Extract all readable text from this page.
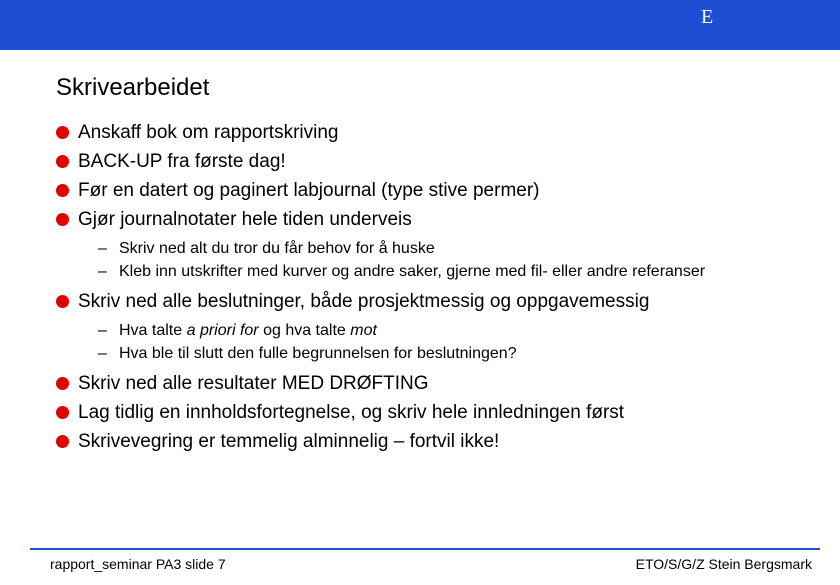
E
Skrivearbeidet
Anskaff bok om rapportskriving
BACK-UP fra første dag!
Før en datert og paginert labjournal (type stive permer)
Gjør journalnotater hele tiden underveis
– Skriv ned alt du tror du får behov for å huske
– Kleb inn utskrifter med kurver og andre saker, gjerne med fil- eller andre referanser
Skriv ned alle beslutninger, både prosjektmessig og oppgavemessig
– Hva talte a priori for og hva talte mot
– Hva ble til slutt den fulle begrunnelsen for beslutningen?
Skriv ned alle resultater MED DRØFTING
Lag tidlig en innholdsfortegnelse, og skriv hele innledningen først
Skrivevegring er temmelig alminnelig – fortvil ikke!
rapport_seminar PA3 slide 7	ETO/S/G/Z Stein Bergsmark
